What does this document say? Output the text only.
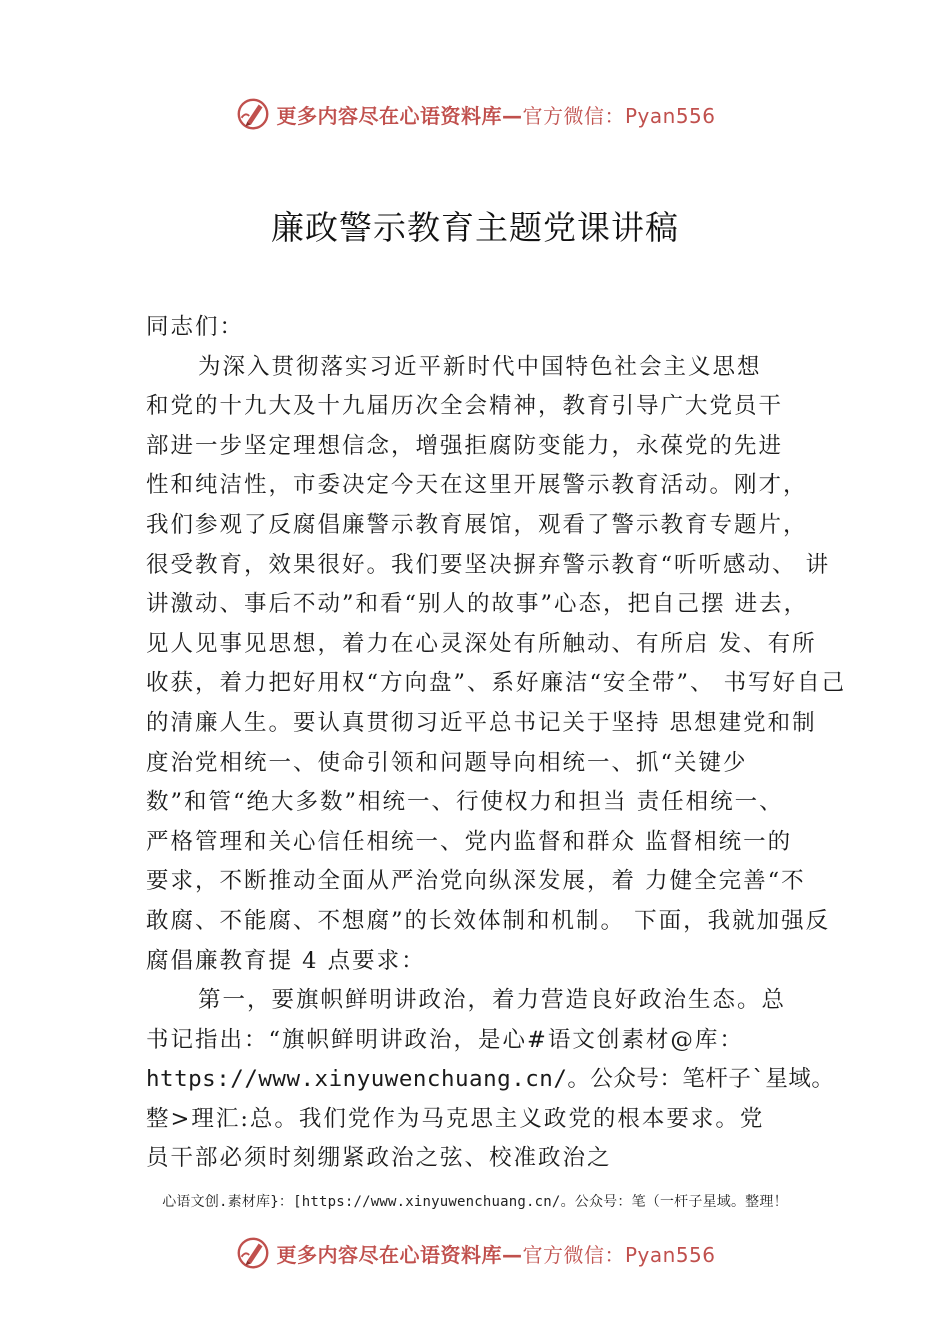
更多内容尽在心语资料库—官方微信：Pyan556
廉政警示教育主题党课讲稿
同志们：
为深入贯彻落实习近平新时代中国特色社会主义思想
和党的十九大及十九届历次全会精神，教育引导广大党员干
部进一步坚定理想信念，增强拒腐防变能力，永葆党的先进
性和纯洁性，市委决定今天在这里开展警示教育活动。刚才，
我们参观了反腐倡廉警示教育展馆，观看了警示教育专题片，
很受教育，效果很好。我们要坚决摒弃警示教育“听听感动、 讲
讲激动、事后不动”和看“别人的故事”心态，把自己摆 进去，
见人见事见思想，着力在心灵深处有所触动、有所启 发、有所
收获，着力把好用权“方向盘”、系好廉洁“安全带”、 书写好自己
的清廉人生。要认真贯彻习近平总书记关于坚持 思想建党和制
度治党相统一、使命引领和问题导向相统一、抓“关键少
数”和管“绝大多数”相统一、行使权力和担当 责任相统一、
严格管理和关心信任相统一、党内监督和群众 监督相统一的
要求，不断推动全面从严治党向纵深发展，着 力健全完善“不
敢腐、不能腐、不想腐”的长效体制和机制。 下面，我就加强反
腐倡廉教育提 4 点要求：
第一，要旗帜鲜明讲政治，着力营造良好政治生态。总
书记指出：“旗帜鲜明讲政治，是心#语文创素材@库：
https://www.xinyuwenchuang.cn/。公众号：笔杆子`星域。
整>理汇:总。我们党作为马克思主义政党的根本要求。党
员干部必须时刻绷紧政治之弦、校准政治之
心语文创.素材库}：[https://www.xinyuwenchuang.cn/。公众号：笔（一杆子星域。整理！
更多内容尽在心语资料库—官方微信：Pyan556
